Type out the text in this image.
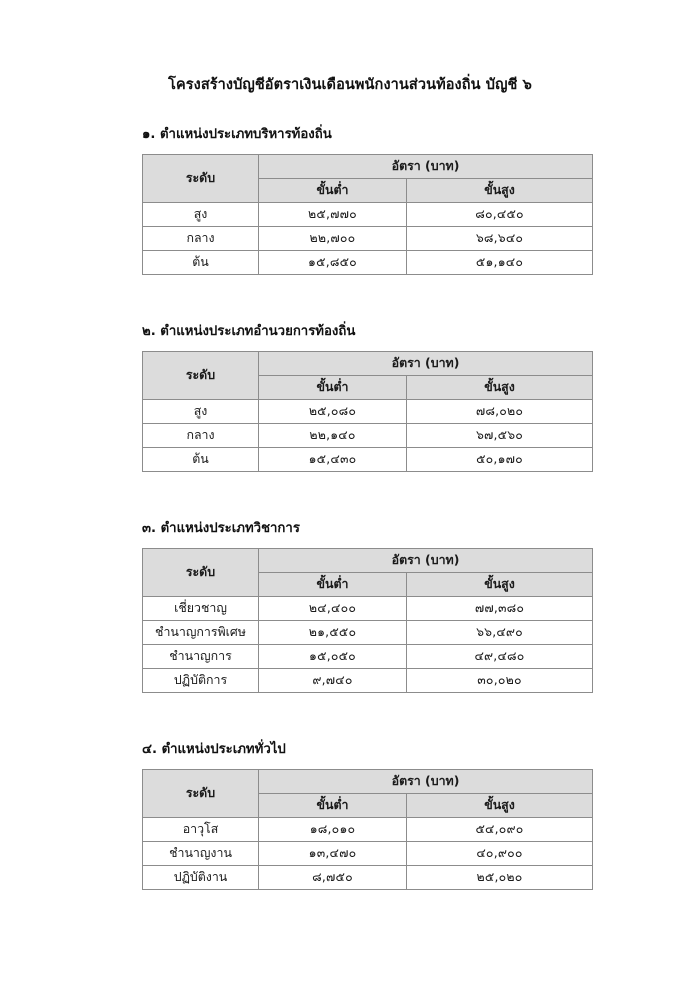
โครงสร้างบัญชีอัตราเงินเดือนพนักงานส่วนท้องถิ่น บัญชี ๖
๑. ตำแหน่งประเภทบริหารท้องถิ่น
ระดับ	อัตรา (บาท)	
	ขั้นต่ำ	ขั้นสูง
สูง	๒๕,๗๗๐	๘๐,๔๕๐
กลาง	๒๒,๗๐๐	๖๘,๖๔๐
ต้น	๑๕,๘๕๐	๕๑,๑๔๐
๒. ตำแหน่งประเภทอำนวยการท้องถิ่น
ระดับ	อัตรา (บาท)	
	ขั้นต่ำ	ขั้นสูง
สูง	๒๕,๐๘๐	๗๘,๐๒๐
กลาง	๒๒,๑๔๐	๖๗,๕๖๐
ต้น	๑๕,๔๓๐	๕๐,๑๗๐
๓. ตำแหน่งประเภทวิชาการ
ระดับ	อัตรา (บาท)	
	ขั้นต่ำ	ขั้นสูง
เชี่ยวชาญ	๒๔,๔๐๐	๗๗,๓๘๐
ชำนาญการพิเศษ	๒๑,๕๕๐	๖๖,๔๙๐
ชำนาญการ	๑๕,๐๕๐	๔๙,๔๘๐
ปฏิบัติการ	๙,๗๔๐	๓๐,๐๒๐
๔. ตำแหน่งประเภททั่วไป
ระดับ	อัตรา (บาท)	
	ขั้นต่ำ	ขั้นสูง
อาวุโส	๑๘,๐๑๐	๕๔,๐๙๐
ชำนาญงาน	๑๓,๔๗๐	๔๐,๙๐๐
ปฏิบัติงาน	๘,๗๕๐	๒๕,๐๒๐
